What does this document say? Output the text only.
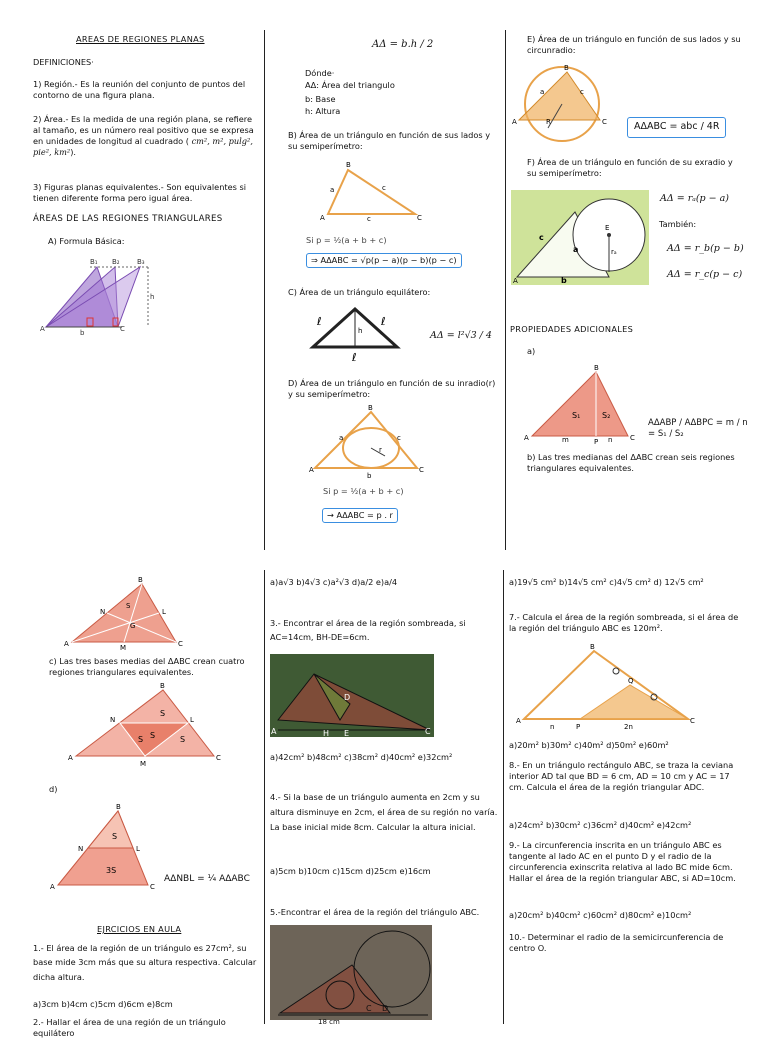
AREAS DE REGIONES PLANAS
DEFINICIONES·
1) Región.- Es la reunión del conjunto de puntos del contorno de una figura plana.
2) Área.- Es la medida de una región plana, se refiere al tamaño, es un número real positivo que se expresa en unidades de longitud al cuadrado ( cm², m², pulg², pie², km²).
3) Figuras planas equivalentes.- Son equivalentes si tienen diferente forma pero igual área.
ÁREAS DE LAS REGIONES TRIANGULARES
A) Formula Básica:
B₁ B₂ B₃
h
A	b	C
AΔ = b.h / 2
Dónde·
AΔ: Área del triangulo
b: Base
h: Altura
B) Área de un triángulo en función de sus lados y su semiperímetro:
B
a	c
A	c	C
Si p = ½(a + b + c)
⇒ AΔABC = √p(p − a)(p − b)(p − c)
C) Área de un triángulo equilátero:
ℓ
h
ℓ
ℓ
AΔ = l²√3 / 4
D) Área de un triángulo en función de su inradio(r) y su semiperímetro:
B
a	c
r
A
b
C
Si p = ½(a + b + c)
→ AΔABC = p . r
E) Área de un triángulo en función de sus lados y su circunradio:
B
a	c
R
A	C	AΔABC = abc / 4R
F) Área de un triángulo en función de su exradio y su semiperímetro:
c
a
E
rₐ
A	b
AΔ = rₐ(p − a)
También:
AΔ = r_b(p − b)
AΔ = r_c(p − c)
PROPIEDADES ADICIONALES
a)
B
S₁	S₂
A	m	P n	C
AΔABP / AΔBPC = m / n = S₁ / S₂
b) Las tres medianas del ΔABC crean seis regiones triangulares equivalentes.
B
N	L
S
G
A	M	C
c) Las tres bases medias del ΔABC crean cuatro regiones triangulares equivalentes.
B
N	L
S
S S	S
A
M
C
d)
B
N	L
S
3S
A	C
AΔNBL = ¼ AΔABC
EJRCICIOS EN AULA
1.- El área de la región de un triángulo es 27cm², su base mide 3cm más que su altura respectiva. Calcular dicha altura.
a)3cm b)4cm c)5cm d)6cm e)8cm
2.- Hallar el área de una región de un triángulo equilátero
a)a√3 b)4√3 c)a²√3 d)a/2 e)a/4
3.- Encontrar el área de la región sombreada, si AC=14cm, BH-DE=6cm.
A	H E
D
C
a)42cm² b)48cm² c)38cm² d)40cm² e)32cm²
4.- Si la base de un triángulo aumenta en 2cm y su altura disminuye en 2cm, el área de su región no varía. La base inicial mide 8cm. Calcular la altura inicial.
a)5cm b)10cm c)15cm d)25cm e)16cm
5.-Encontrar el área de la región del triángulo ABC.
C D
18 cm
a)19√5 cm² b)14√5 cm² c)4√5 cm² d) 12√5 cm²
7.- Calcula el área de la región sombreada, si el área de la región del triángulo ABC es 120m².
B
Q
A
n	P	2n
C
a)20m² b)30m² c)40m² d)50m² e)60m²
8.- En un triángulo rectángulo ABC, se traza la ceviana interior AD tal que BD = 6 cm, AD = 10 cm y AC = 17 cm. Calcula el área de la región triangular ADC.
a)24cm² b)30cm² c)36cm² d)40cm² e)42cm²
9.- La circunferencia inscrita en un triángulo ABC es tangente al lado AC en el punto D y el radio de la circunferencia exinscrita relativa al lado BC mide 6cm. Hallar el área de la región triangular ABC, si AD=10cm.
a)20cm² b)40cm² c)60cm² d)80cm² e)10cm²
10.- Determinar el radio de la semicircunferencia de centro O.
